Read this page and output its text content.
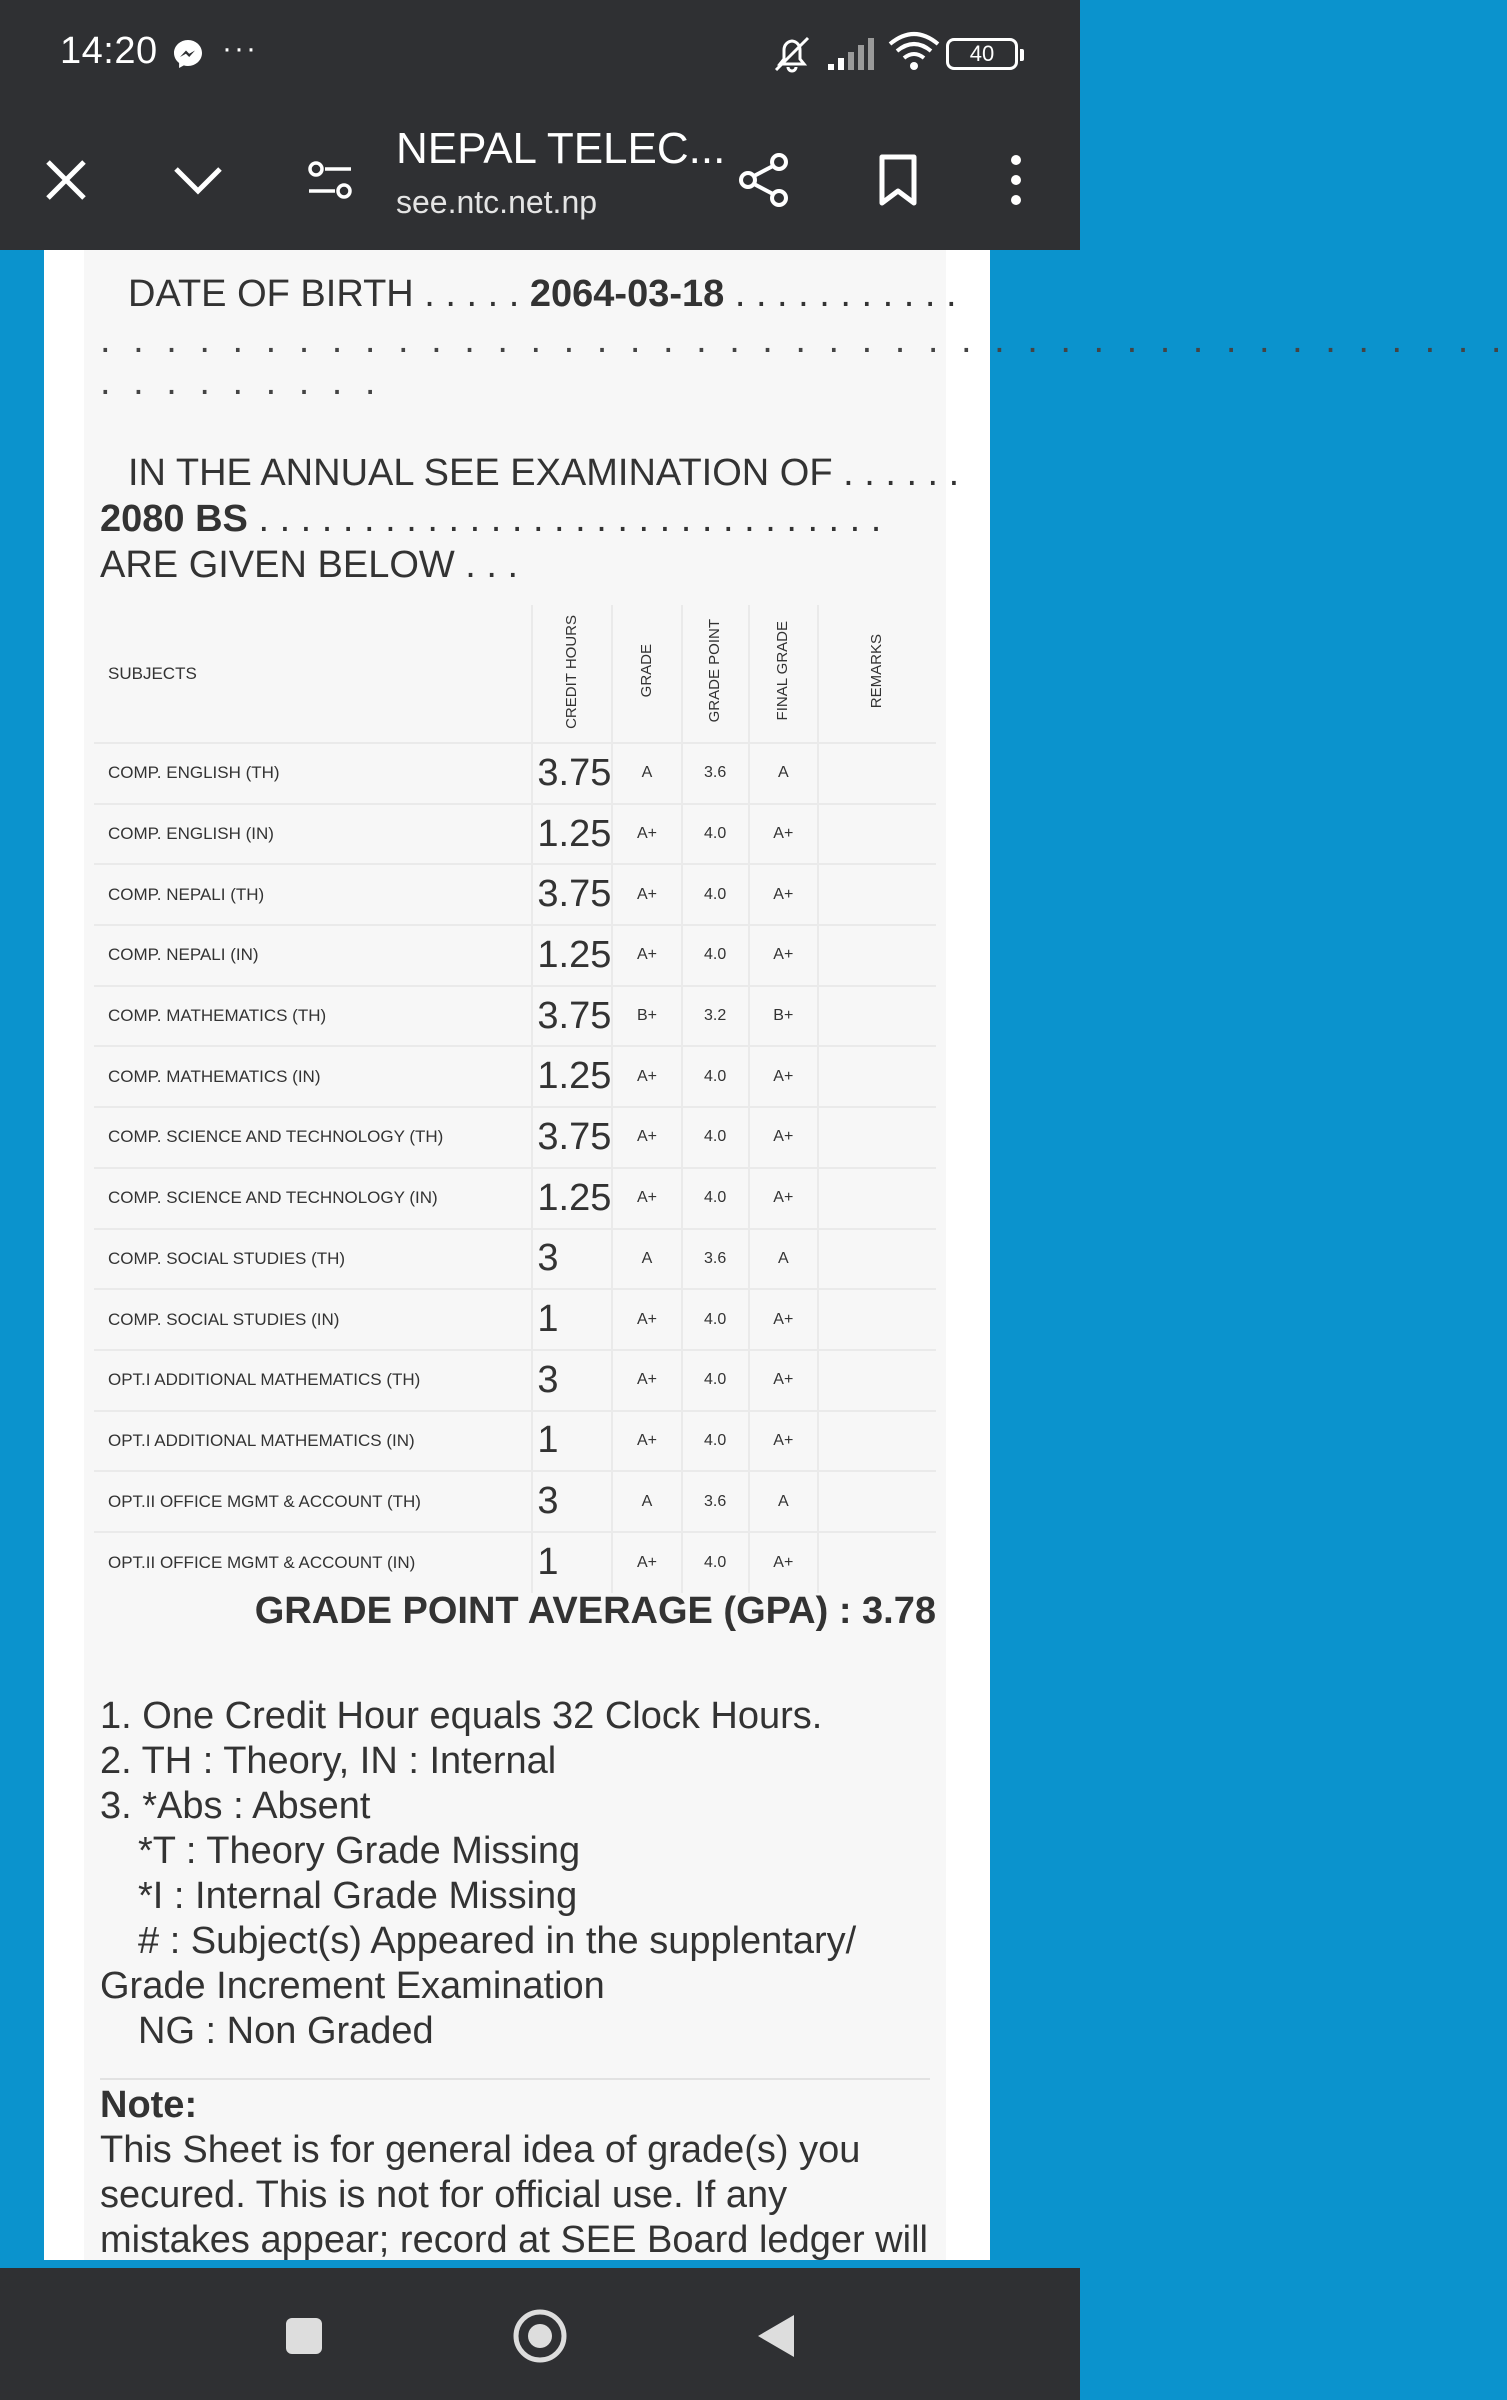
14:20 ···	40
NEPAL TELEC...
see.ntc.net.np
DATE OF BIRTH . . . . . 2064-03-18 . . . . . . . . . . .
. . . . . . . . . . . . . . . . . . . . . . . . . . . . . . . . . . . . . . . . . . .
. . . . . . . . .
IN THE ANNUAL SEE EXAMINATION OF . . . . . .
2080 BS . . . . . . . . . . . . . . . . . . . . . . . . . . . . . .
ARE GIVEN BELOW . . .
SUBJECTS	CREDIT HOURS	GRADE	GRADE POINT	FINAL GRADE	REMARKS
COMP. ENGLISH (TH)	3.75	A	3.6	A	
COMP. ENGLISH (IN)	1.25	A+	4.0	A+	
COMP. NEPALI (TH)	3.75	A+	4.0	A+	
COMP. NEPALI (IN)	1.25	A+	4.0	A+	
COMP. MATHEMATICS (TH)	3.75	B+	3.2	B+	
COMP. MATHEMATICS (IN)	1.25	A+	4.0	A+	
COMP. SCIENCE AND TECHNOLOGY (TH)	3.75	A+	4.0	A+	
COMP. SCIENCE AND TECHNOLOGY (IN)	1.25	A+	4.0	A+	
COMP. SOCIAL STUDIES (TH)	3	A	3.6	A	
COMP. SOCIAL STUDIES (IN)	1	A+	4.0	A+	
OPT.I ADDITIONAL MATHEMATICS (TH)	3	A+	4.0	A+	
OPT.I ADDITIONAL MATHEMATICS (IN)	1	A+	4.0	A+	
OPT.II OFFICE MGMT & ACCOUNT (TH)	3	A	3.6	A	
OPT.II OFFICE MGMT & ACCOUNT (IN)	1	A+	4.0	A+	
GRADE POINT AVERAGE (GPA) : 3.78
1. One Credit Hour equals 32 Clock Hours.
2. TH : Theory, IN : Internal
3. *Abs : Absent
*T : Theory Grade Missing
*I : Internal Grade Missing
# : Subject(s) Appeared in the supplentary/
Grade Increment Examination
NG : Non Graded
Note:
This Sheet is for general idea of grade(s) you secured. This is not for official use. If any mistakes appear; record at SEE Board ledger will
